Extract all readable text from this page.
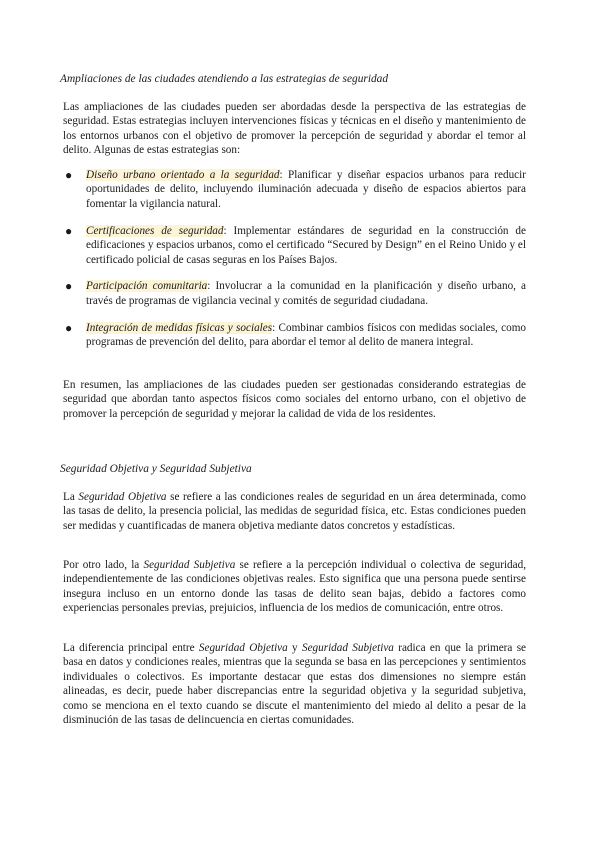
Ampliaciones de las ciudades atendiendo a las estrategias de seguridad

Las ampliaciones de las ciudades pueden ser abordadas desde la perspectiva de las estrategias de seguridad. Estas estrategias incluyen intervenciones físicas y técnicas en el diseño y mantenimiento de los entornos urbanos con el objetivo de promover la percepción de seguridad y abordar el temor al delito. Algunas de estas estrategias son:

● Diseño urbano orientado a la seguridad: Planificar y diseñar espacios urbanos para reducir oportunidades de delito, incluyendo iluminación adecuada y diseño de espacios abiertos para fomentar la vigilancia natural.
● Certificaciones de seguridad: Implementar estándares de seguridad en la construcción de edificaciones y espacios urbanos, como el certificado “Secured by Design” en el Reino Unido y el certificado policial de casas seguras en los Países Bajos.
● Participación comunitaria: Involucrar a la comunidad en la planificación y diseño urbano, a través de programas de vigilancia vecinal y comités de seguridad ciudadana.
● Integración de medidas físicas y sociales: Combinar cambios físicos con medidas sociales, como programas de prevención del delito, para abordar el temor al delito de manera integral.

En resumen, las ampliaciones de las ciudades pueden ser gestionadas considerando estrategias de seguridad que abordan tanto aspectos físicos como sociales del entorno urbano, con el objetivo de promover la percepción de seguridad y mejorar la calidad de vida de los residentes.

Seguridad Objetiva y Seguridad Subjetiva

La Seguridad Objetiva se refiere a las condiciones reales de seguridad en un área determinada, como las tasas de delito, la presencia policial, las medidas de seguridad física, etc. Estas condiciones pueden ser medidas y cuantificadas de manera objetiva mediante datos concretos y estadísticas.

Por otro lado, la Seguridad Subjetiva se refiere a la percepción individual o colectiva de seguridad, independientemente de las condiciones objetivas reales. Esto significa que una persona puede sentirse insegura incluso en un entorno donde las tasas de delito sean bajas, debido a factores como experiencias personales previas, prejuicios, influencia de los medios de comunicación, entre otros.

La diferencia principal entre Seguridad Objetiva y Seguridad Subjetiva radica en que la primera se basa en datos y condiciones reales, mientras que la segunda se basa en las percepciones y sentimientos individuales o colectivos. Es importante destacar que estas dos dimensiones no siempre están alineadas, es decir, puede haber discrepancias entre la seguridad objetiva y la seguridad subjetiva, como se menciona en el texto cuando se discute el mantenimiento del miedo al delito a pesar de la disminución de las tasas de delincuencia en ciertas comunidades.
